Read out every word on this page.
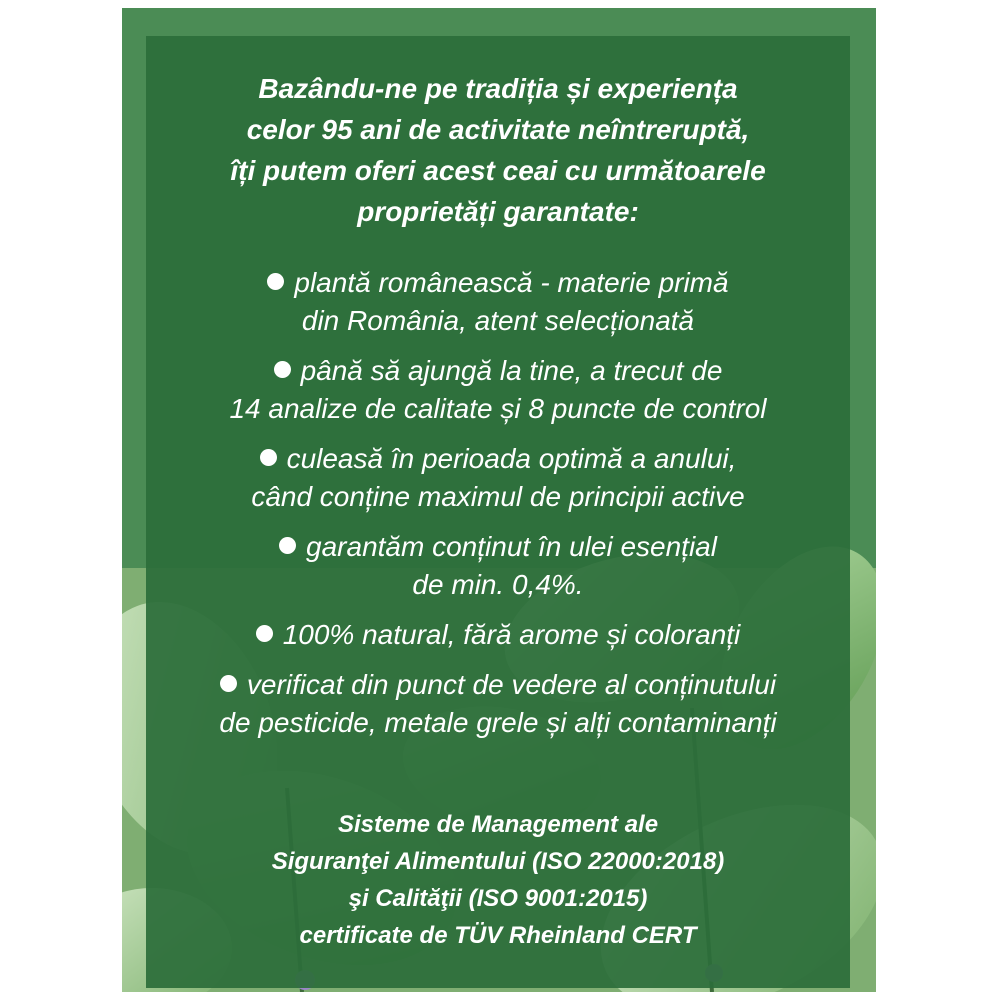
Bazându-ne pe tradiția și experiența
celor 95 ani de activitate neîntreruptă,
îți putem oferi acest ceai cu următoarele
proprietăți garantate:
plantă românească - materie primă
din România, atent selecționată
până să ajungă la tine, a trecut de
14 analize de calitate și 8 puncte de control
culeasă în perioada optimă a anului,
când conține maximul de principii active
garantăm conținut în ulei esențial
de min. 0,4%.
100% natural, fără arome și coloranți
verificat din punct de vedere al conținutului
de pesticide, metale grele și alți contaminanți
Sisteme de Management ale
Siguranţei Alimentului (ISO 22000:2018)
şi Calităţii (ISO 9001:2015)
certificate de TÜV Rheinland CERT
